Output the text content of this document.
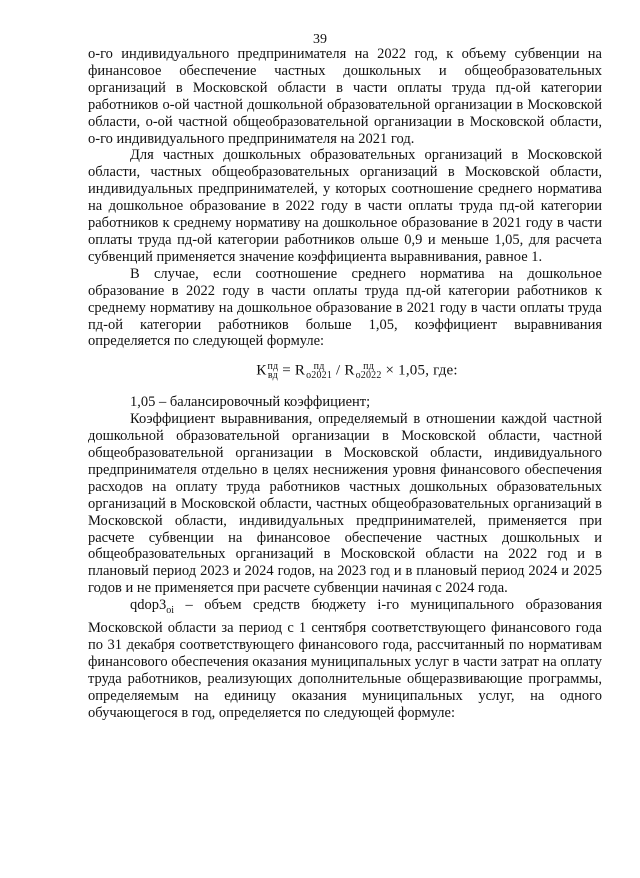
39

о-го индивидуального предпринимателя на 2022 год, к объему субвенции на финансовое обеспечение частных дошкольных и общеобразовательных организаций в Московской области в части оплаты труда пд-ой категории работников о-ой частной дошкольной образовательной организации в Московской области, о-ой частной общеобразовательной организации в Московской области, о-го индивидуального предпринимателя на 2021 год.

Для частных дошкольных образовательных организаций в Московской области, частных общеобразовательных организаций в Московской области, индивидуальных предпринимателей, у которых соотношение среднего норматива на дошкольное образование в 2022 году в части оплаты труда пд-ой категории работников к среднему нормативу на дошкольное образование в 2021 году в части оплаты труда пд-ой категории работников ольше 0,9 и меньше 1,05, для расчета субвенций применяется значение коэффициента выравнивания, равное 1.

В случае, если соотношение среднего норматива на дошкольное образование в 2022 году в части оплаты труда пд-ой категории работников к среднему нормативу на дошкольное образование в 2021 году в части оплаты труда пд-ой категории работников больше 1,05, коэффициент выравнивания определяется по следующей формуле:

К пд
вд = R пд
о2021 / R пд
о2022 × 1,05, где:

1,05 – балансировочный коэффициент;

Коэффициент выравнивания, определяемый в отношении каждой частной дошкольной образовательной организации в Московской области, частной общеобразовательной организации в Московской области, индивидуального предпринимателя отдельно в целях неснижения уровня финансового обеспечения расходов на оплату труда работников частных дошкольных образовательных организаций в Московской области, частных общеобразовательных организаций в Московской области, индивидуальных предпринимателей, применяется при расчете субвенции на финансовое обеспечение частных дошкольных и общеобразовательных организаций в Московской области на 2022 год и в плановый период 2023 и 2024 годов, на 2023 год и в плановый период 2024 и 2025 годов и не применяется при расчете субвенции начиная с 2024 года.

$qdop3_{oi}$ – объем средств бюджету i-го муниципального образования Московской области за период с 1 сентября соответствующего финансового года по 31 декабря соответствующего финансового года, рассчитанный по нормативам финансового обеспечения оказания муниципальных услуг в части затрат на оплату труда работников, реализующих дополнительные общеразвивающие программы, определяемым на единицу оказания муниципальных услуг, на одного обучающегося в год, определяется по следующей формуле:
